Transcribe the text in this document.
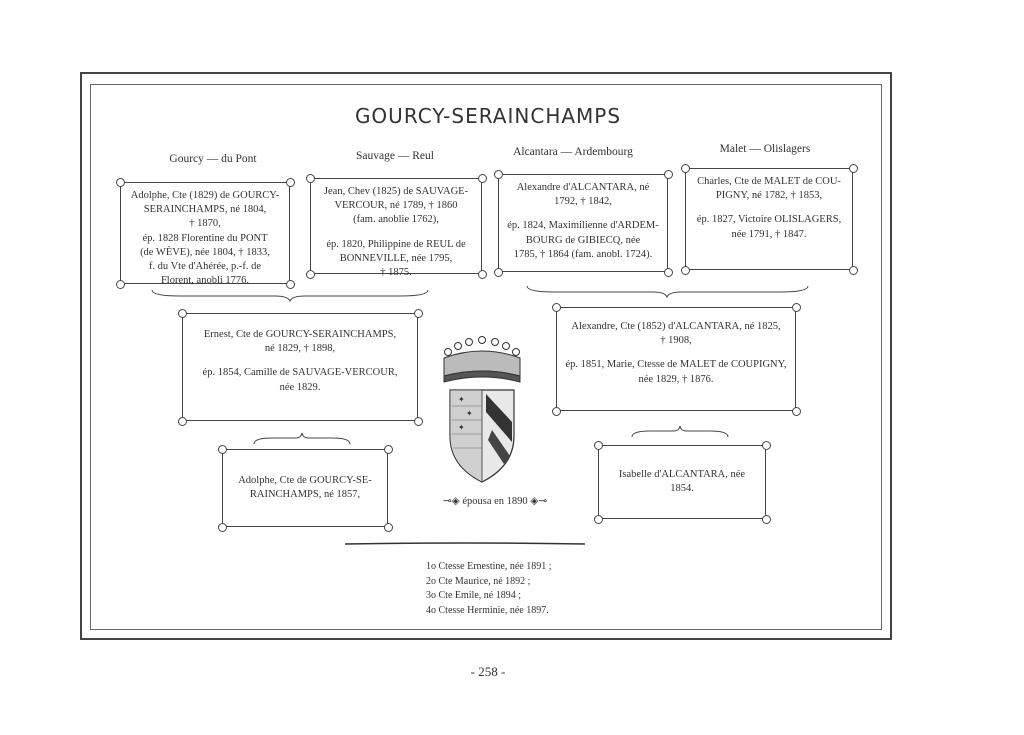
GOURCY-SERAINCHAMPS
Gourcy — du Pont	Sauvage — Reul	Alcantara — Ardembourg	Malet — Olislagers

Adolphe, Cte (1829) de GOURCY-

SERAINCHAMPS, né 1804,

† 1870,

ép. 1828 Florentine du PONT

(de WÈVE), née 1804, † 1833,

f. du Vte d'Ahérée, p.-f. de

Florent, anobli 1776.

Jean, Chev (1825) de SAUVAGE-

VERCOUR, né 1789, † 1860

(fam. anoblie 1762),

ép. 1820, Philippine de REUL de

BONNEVILLE, née 1795,

† 1875.

Alexandre d'ALCANTARA, né

1792, † 1842,

ép. 1824, Maximilienne d'ARDEM-

BOURG de GIBIECQ, née

1785, † 1864 (fam. anobl. 1724).

Charles, Cte de MALET de COU-

PIGNY, né 1782, † 1853,

ép. 1827, Victoire OLISLAGERS,

née 1791, † 1847.

Ernest, Cte de GOURCY-SERAINCHAMPS,

né 1829, † 1898,

ép. 1854, Camille de SAUVAGE-VERCOUR,

née 1829.

Alexandre, Cte (1852) d'ALCANTARA, né 1825,

† 1908,

ép. 1851, Marie, Ctesse de MALET de COUPIGNY,

née 1829, † 1876.

✦
✦
✦

Adolphe, Cte de GOURCY-SE-

RAINCHAMPS, né 1857,

Isabelle d'ALCANTARA, née

1854.

⊸◈ épousa en 1890 ◈⊸
1o Ctesse Ernestine, née 1891 ;
2o Cte Maurice, né 1892 ;
3o Cte Emile, né 1894 ;
4o Ctesse Herminie, née 1897.
- 258 -
